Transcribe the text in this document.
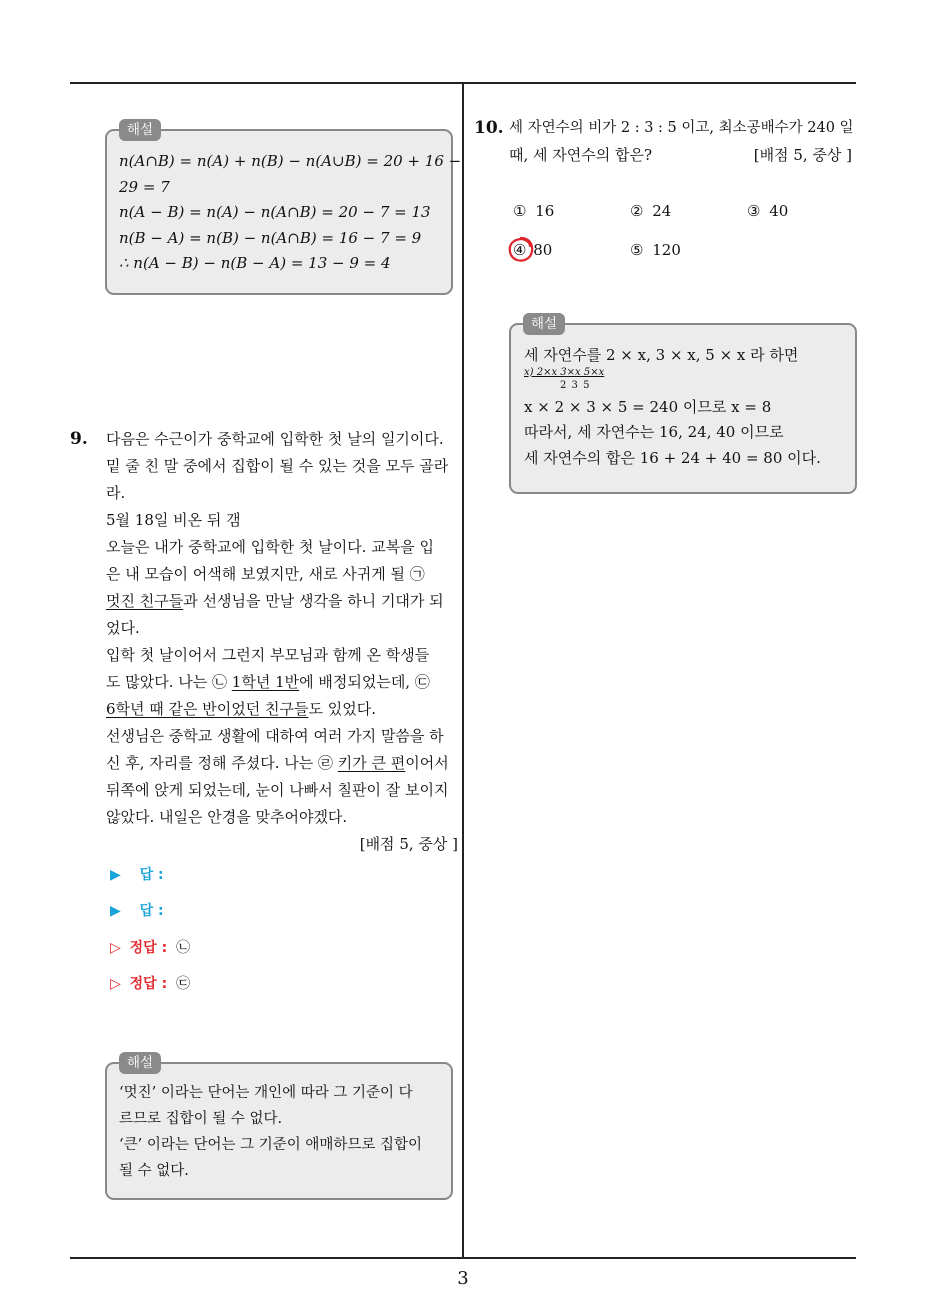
3
해설
n(A∩B) = n(A) + n(B) − n(A∪B) = 20 + 16 −
29 = 7
n(A − B) = n(A) − n(A∩B) = 20 − 7 = 13
n(B − A) = n(B) − n(A∩B) = 16 − 7 = 9
∴ n(A − B) − n(B − A) = 13 − 9 = 4
9. 다음은 수근이가 중학교에 입학한 첫 날의 일기이다.
밑 줄 친 말 중에서 집합이 될 수 있는 것을 모두 골라
라.
5월 18일 비온 뒤 갬
오늘은 내가 중학교에 입학한 첫 날이다. 교복을 입
은 내 모습이 어색해 보였지만, 새로 사귀게 될 ㉠
멋진 친구들과 선생님을 만날 생각을 하니 기대가 되
었다.
입학 첫 날이어서 그런지 부모님과 함께 온 학생들
도 많았다. 나는 ㉡ 1학년 1반에 배정되었는데, ㉢
6학년 때 같은 반이었던 친구들도 있었다.
선생님은 중학교 생활에 대하여 여러 가지 말씀을 하
신 후, 자리를 정해 주셨다. 나는 ㉣ 키가 큰 편이어서
뒤쪽에 앉게 되었는데, 눈이 나빠서 칠판이 잘 보이지
않았다. 내일은 안경을 맞추어야겠다.
[배점 5, 중상 ]
▶ 답 :
▶ 답 :
▷ 정답 : ㉡
▷ 정답 : ㉢
해설
‘멋진’ 이라는 단어는 개인에 따라 그 기준이 다
르므로 집합이 될 수 없다.
‘큰’ 이라는 단어는 그 기준이 애매하므로 집합이
될 수 없다.
10. 세 자연수의 비가 2 : 3 : 5 이고, 최소공배수가 240 일
때, 세 자연수의 합은?	[배점 5, 중상 ]
① 16	② 24	③ 40
④ 80	⑤ 120
해설
세 자연수를 2 × x, 3 × x, 5 × x 라 하면
x) 2×x 3×x 5×x
2 3 5
x × 2 × 3 × 5 = 240 이므로 x = 8
따라서, 세 자연수는 16, 24, 40 이므로
세 자연수의 합은 16 + 24 + 40 = 80 이다.
